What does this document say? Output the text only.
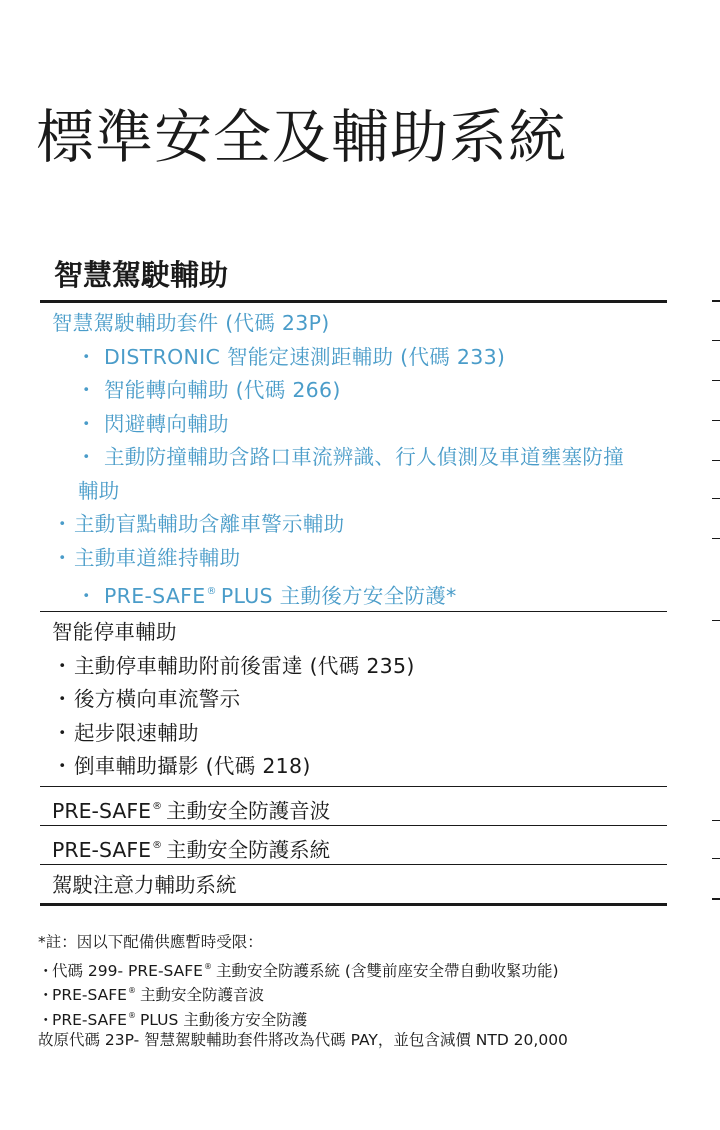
標準安全及輔助系統
智慧駕駛輔助
智慧駕駛輔助套件 (代碼 23P)
・ DISTRONIC 智能定速測距輔助 (代碼 233)
・ 智能轉向輔助 (代碼 266)
・ 閃避轉向輔助
・ 主動防撞輔助含路口車流辨識、行人偵測及車道壅塞防撞
輔助
・主動盲點輔助含離車警示輔助
・主動車道維持輔助
・ PRE-SAFE® PLUS 主動後方安全防護*
智能停車輔助
・主動停車輔助附前後雷達 (代碼 235)
・後方橫向車流警示
・起步限速輔助
・倒車輔助攝影 (代碼 218)
PRE-SAFE® 主動安全防護音波
PRE-SAFE® 主動安全防護系統
駕駛注意力輔助系統
*註：因以下配備供應暫時受限：
・代碼 299- PRE-SAFE® 主動安全防護系統 (含雙前座安全帶自動收緊功能)
・PRE-SAFE® 主動安全防護音波
・PRE-SAFE® PLUS 主動後方安全防護
故原代碼 23P- 智慧駕駛輔助套件將改為代碼 PAY，並包含減價 NTD 20,000
